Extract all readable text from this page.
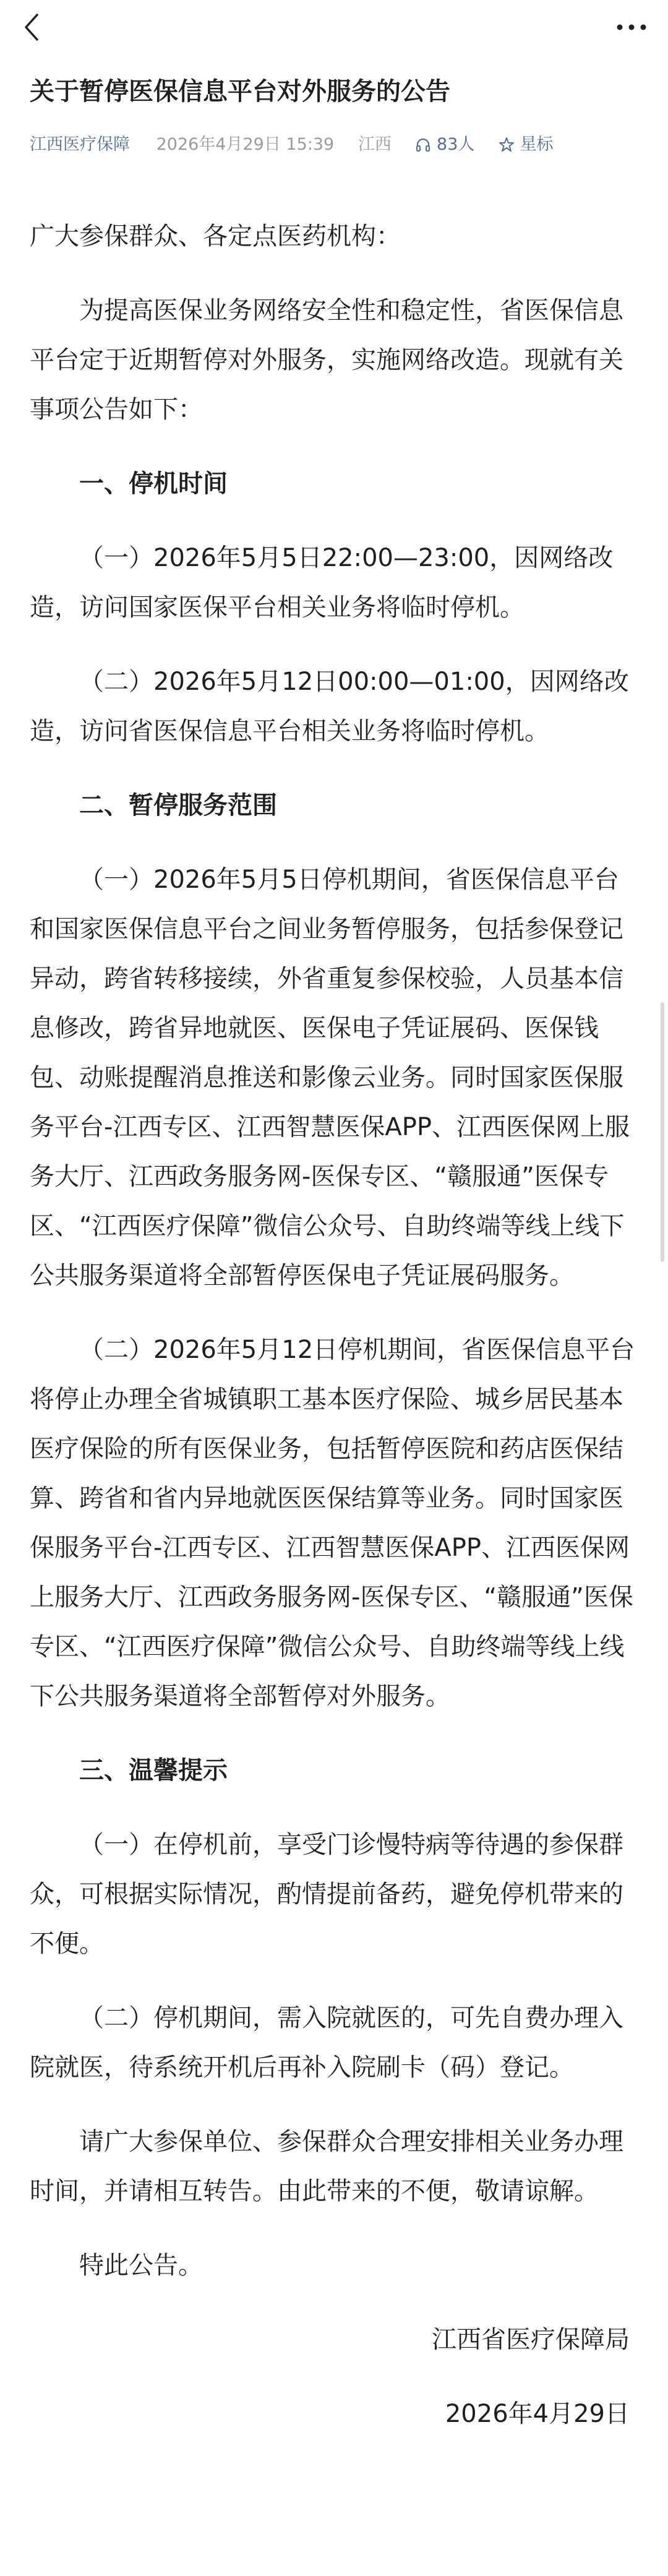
关于暂停医保信息平台对外服务的公告
江西医疗保障 2026年4月29日 15:39 江西	83人	星标

广大参保群众、各定点医药机构：

为提高医保业务网络安全性和稳定性，省医保信息平台定于近期暂停对外服务，实施网络改造。现就有关事项公告如下：

一、停机时间

（一）2026年5月5日22:00—23:00，因网络改造，访问国家医保平台相关业务将临时停机。

（二）2026年5月12日00:00—01:00，因网络改造，访问省医保信息平台相关业务将临时停机。

二、暂停服务范围

（一）2026年5月5日停机期间，省医保信息平台和国家医保信息平台之间业务暂停服务，包括参保登记异动，跨省转移接续，外省重复参保校验，人员基本信息修改，跨省异地就医、医保电子凭证展码、医保钱包、动账提醒消息推送和影像云业务。同时国家医保服务平台-江西专区、江西智慧医保APP、江西医保网上服务大厅、江西政务服务网-医保专区、“赣服通”医保专区、“江西医疗保障”微信公众号、自助终端等线上线下公共服务渠道将全部暂停医保电子凭证展码服务。

（二）2026年5月12日停机期间，省医保信息平台将停止办理全省城镇职工基本医疗保险、城乡居民基本医疗保险的所有医保业务，包括暂停医院和药店医保结算、跨省和省内异地就医医保结算等业务。同时国家医保服务平台-江西专区、江西智慧医保APP、江西医保网上服务大厅、江西政务服务网-医保专区、“赣服通”医保专区、“江西医疗保障”微信公众号、自助终端等线上线下公共服务渠道将全部暂停对外服务。

三、温馨提示

（一）在停机前，享受门诊慢特病等待遇的参保群众，可根据实际情况，酌情提前备药，避免停机带来的不便。

（二）停机期间，需入院就医的，可先自费办理入院就医，待系统开机后再补入院刷卡（码）登记。

请广大参保单位、参保群众合理安排相关业务办理时间，并请相互转告。由此带来的不便，敬请谅解。

特此公告。

江西省医疗保障局

2026年4月29日
